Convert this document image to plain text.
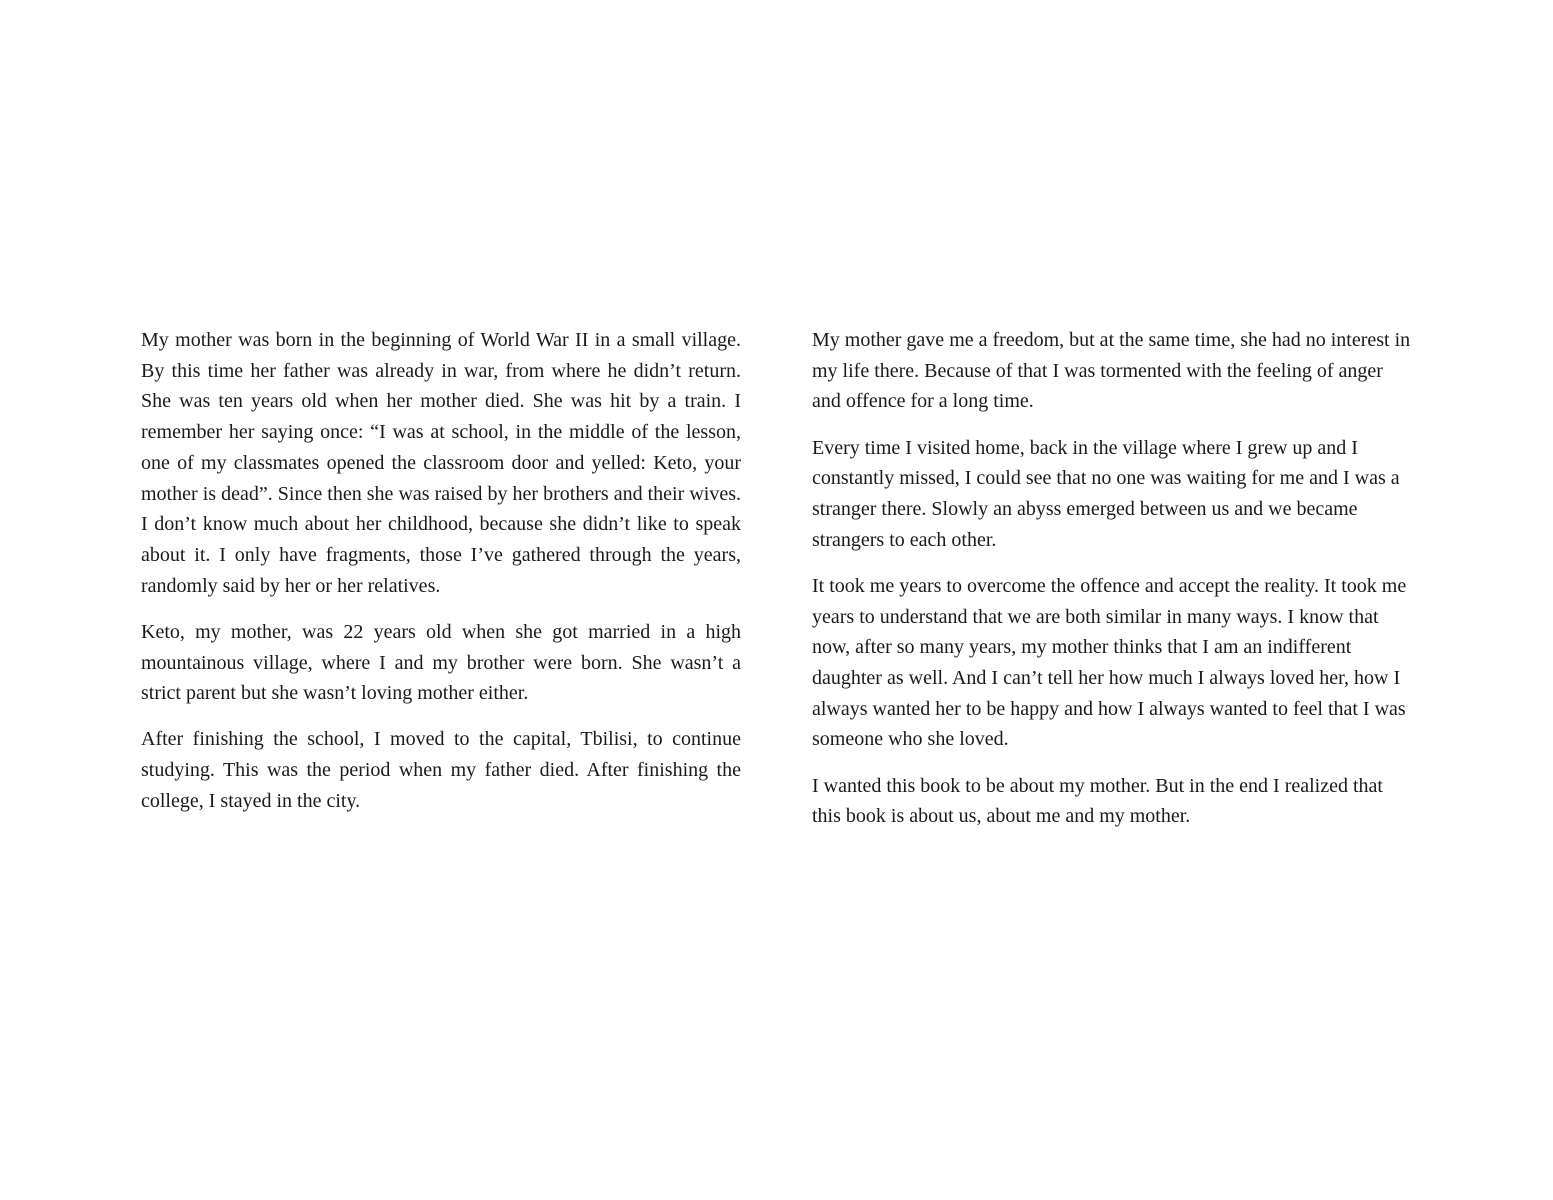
My mother was born in the beginning of World War II in a small village. By this time her father was already in war, from where he didn’t return. She was ten years old when her mother died. She was hit by a train. I remember her saying once: “I was at school, in the middle of the lesson, one of my classmates opened the classroom door and yelled: Keto, your mother is dead”. Since then she was raised by her brothers and their wives. I don’t know much about her childhood, because she didn’t like to speak about it. I only have fragments, those I’ve gathered through the years, randomly said by her or her relatives.

Keto, my mother, was 22 years old when she got married in a high mountainous village, where I and my brother were born. She wasn’t a strict parent but she wasn’t loving mother either.

After finishing the school, I moved to the capital, Tbilisi, to continue studying. This was the period when my father died. After finishing the college, I stayed in the city.

My mother gave me a freedom, but at the same time, she had no interest in my life there. Because of that I was tormented with the feeling of anger and offence for a long time.

Every time I visited home, back in the village where I grew up and I constantly missed, I could see that no one was waiting for me and I was a stranger there. Slowly an abyss emerged between us and we became strangers to each other.

It took me years to overcome the offence and accept the reality. It took me years to understand that we are both similar in many ways. I know that now, after so many years, my mother thinks that I am an indifferent daughter as well. And I can’t tell her how much I always loved her, how I always wanted her to be happy and how I always wanted to feel that I was someone who she loved.

I wanted this book to be about my mother. But in the end I realized that this book is about us, about me and my mother.
